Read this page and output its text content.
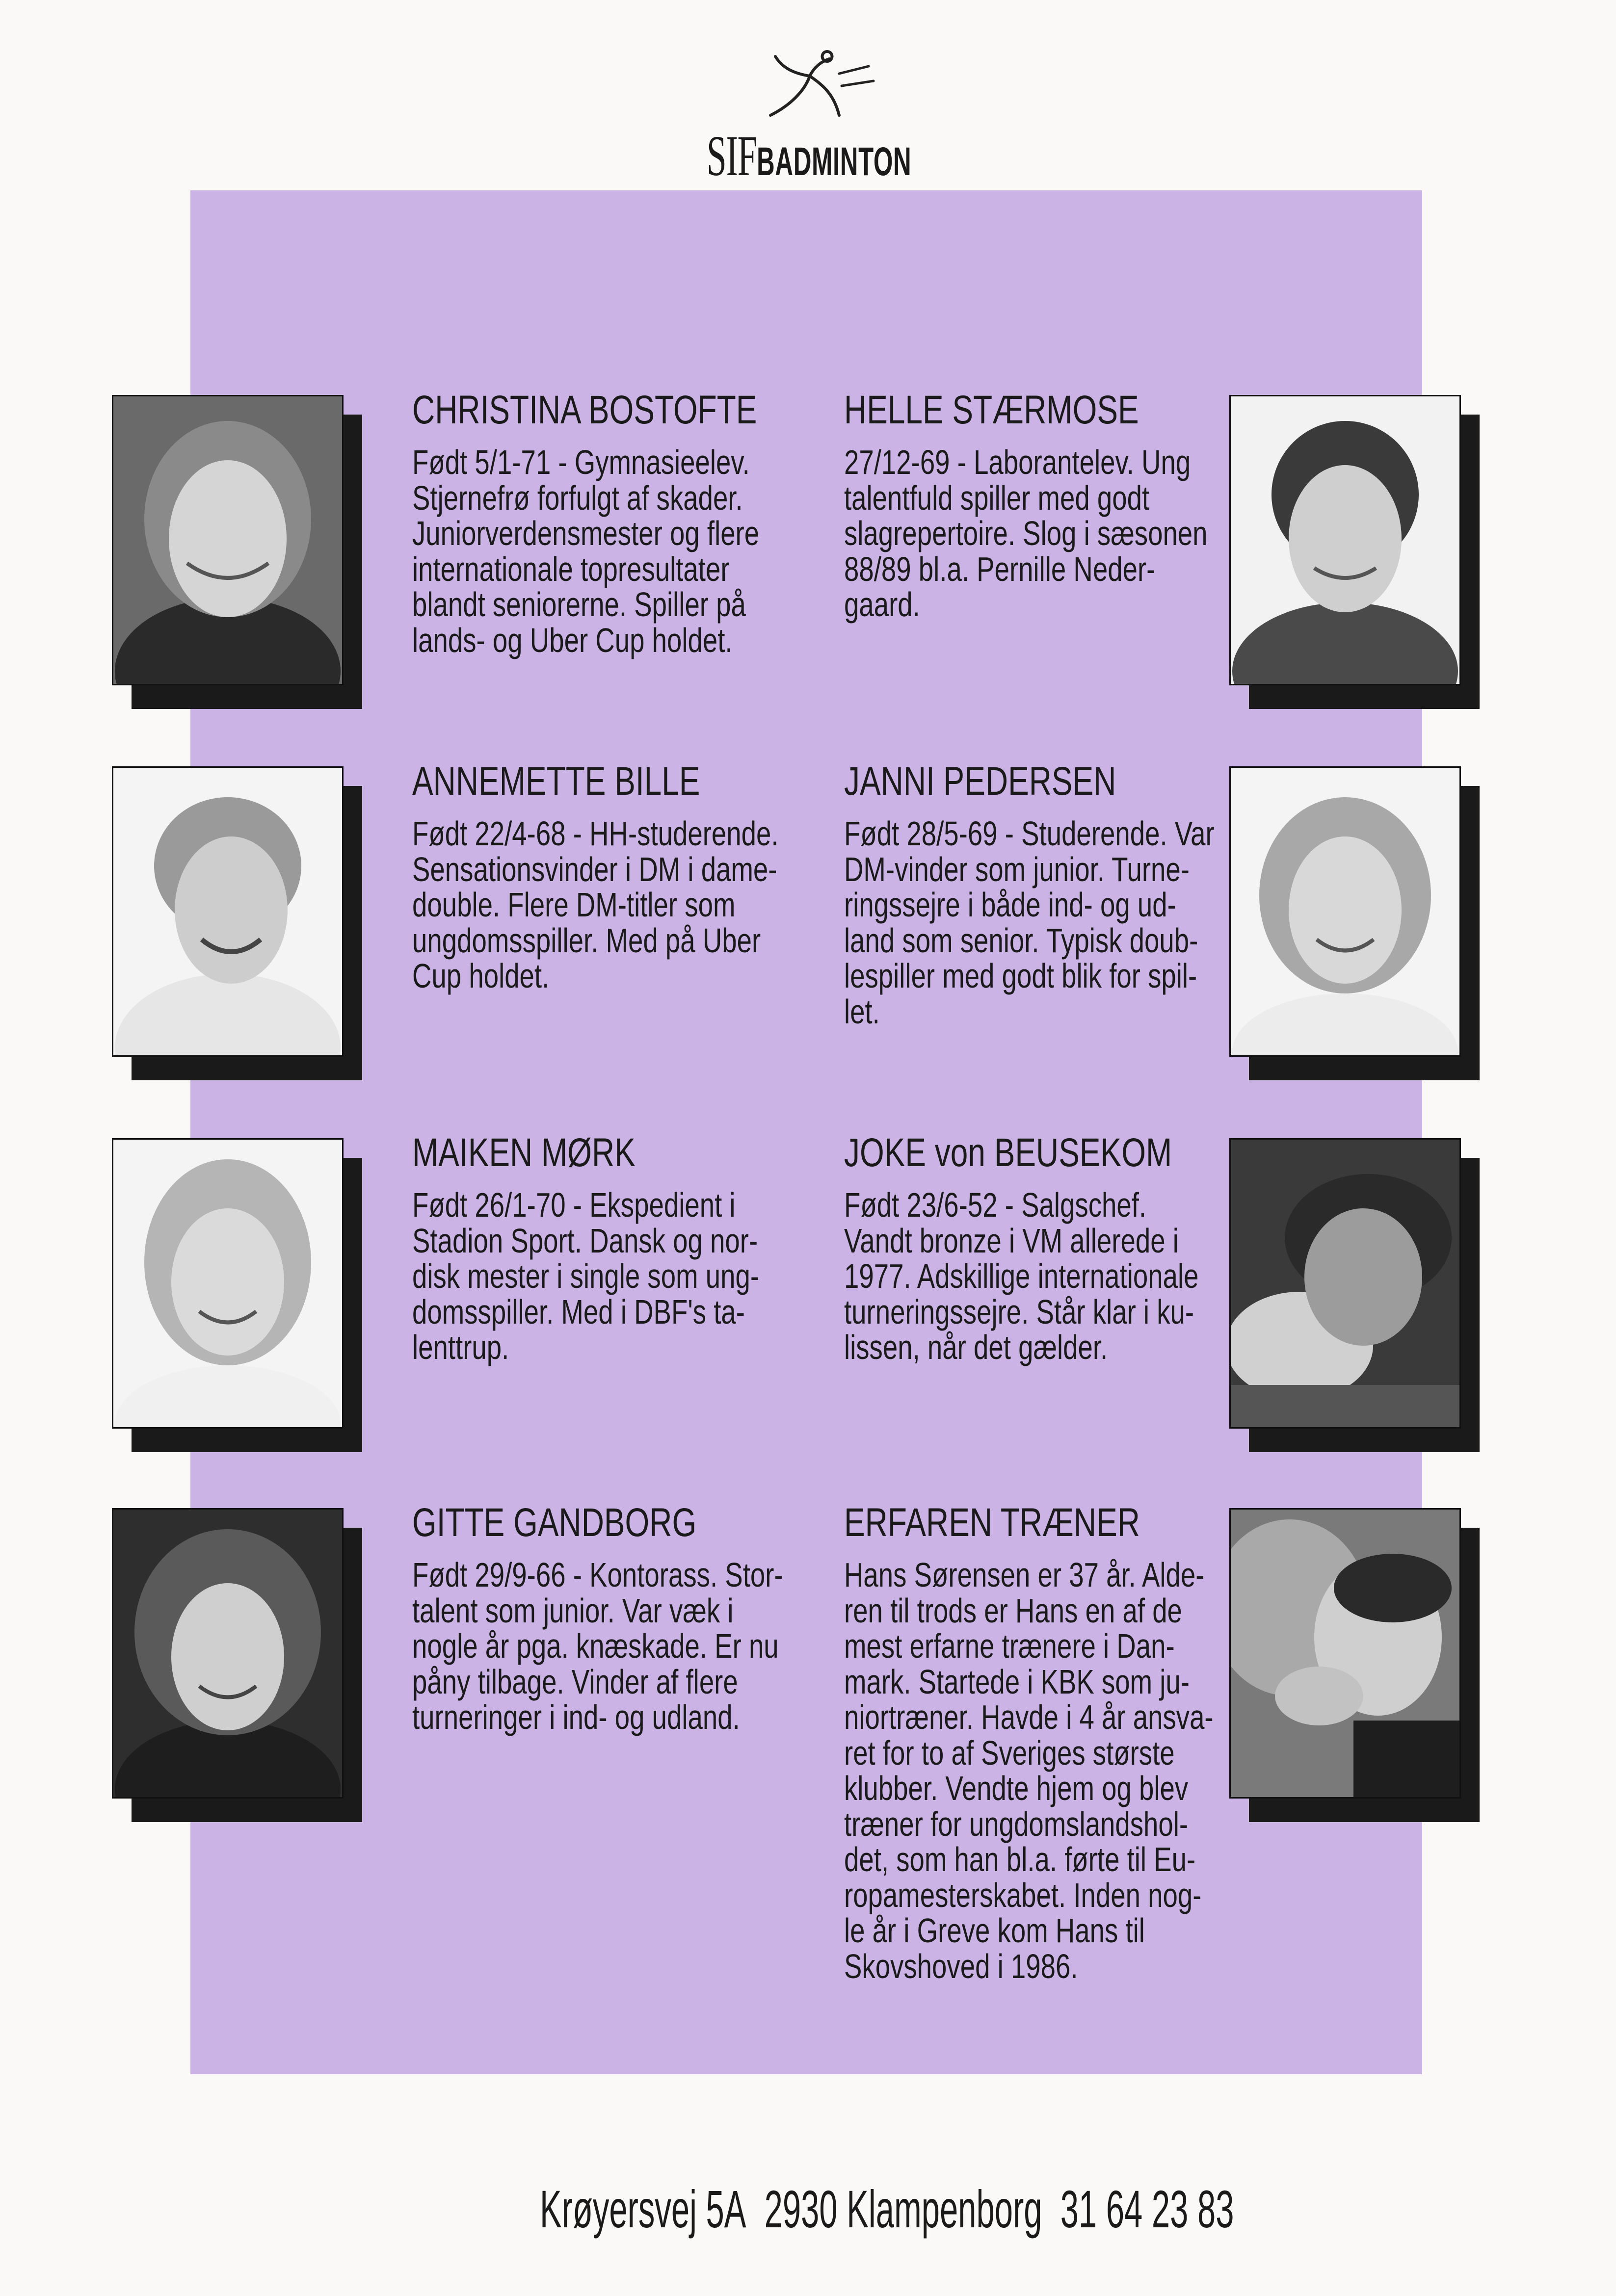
SIFBADMINTON
CHRISTINA BOSTOFTE

Født 5/1-71 - Gymnasieelev.
Stjernefrø forfulgt af skader.
Juniorverdensmester og flere
internationale topresultater
blandt seniorerne. Spiller på
lands- og Uber Cup holdet.

HELLE STÆRMOSE

27/12-69 - Laborantelev. Ung
talentfuld spiller med godt
slagrepertoire. Slog i sæsonen
88/89 bl.a. Pernille Neder-
gaard.

ANNEMETTE BILLE

Født 22/4-68 - HH-studerende.
Sensationsvinder i DM i dame-
double. Flere DM-titler som
ungdomsspiller. Med på Uber
Cup holdet.

JANNI PEDERSEN

Født 28/5-69 - Studerende. Var
DM-vinder som junior. Turne-
ringssejre i både ind- og ud-
land som senior. Typisk doub-
lespiller med godt blik for spil-
let.

MAIKEN MØRK

Født 26/1-70 - Ekspedient i
Stadion Sport. Dansk og nor-
disk mester i single som ung-
domsspiller. Med i DBF's ta-
lenttrup.

JOKE von BEUSEKOM

Født 23/6-52 - Salgschef.
Vandt bronze i VM allerede i
1977. Adskillige internationale
turneringssejre. Står klar i ku-
lissen, når det gælder.

GITTE GANDBORG

Født 29/9-66 - Kontorass. Stor-
talent som junior. Var væk i
nogle år pga. knæskade. Er nu
påny tilbage. Vinder af flere
turneringer i ind- og udland.

ERFAREN TRÆNER

Hans Sørensen er 37 år. Alde-
ren til trods er Hans en af de
mest erfarne trænere i Dan-
mark. Startede i KBK som ju-
niortræner. Havde i 4 år ansva-
ret for to af Sveriges største
klubber. Vendte hjem og blev
træner for ungdomslandshol-
det, som han bl.a. førte til Eu-
ropamesterskabet. Inden nog-
le år i Greve kom Hans til
Skovshoved i 1986.

Krøyersvej 5A 2930 Klampenborg 31 64 23 83
